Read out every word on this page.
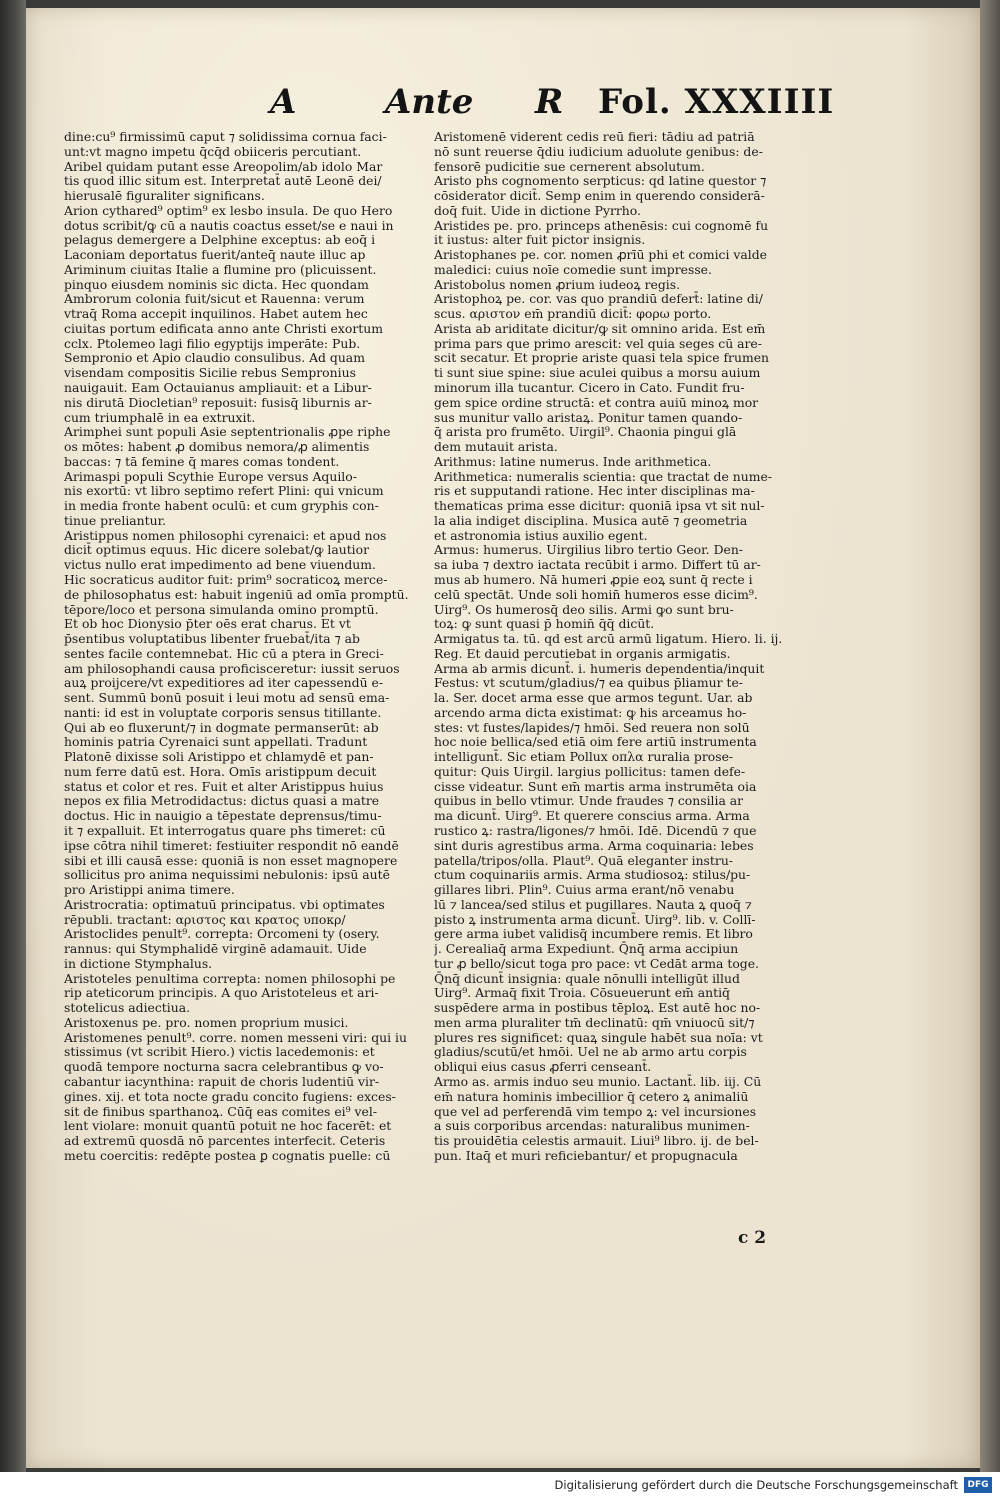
A	Ante R Fol. XXXIIII
dine:cu⁹ firmissimū caput ⁊ solidissima cornua faci-
unt:vt magno impetu q̄cq̄d obiiceris percutiant.
Aribel quidam putant esse Areopolim/ab idolo Mar
tis quod illic situm est. Interpretat̄ autē Leonē dei/
hierusalē figuraliter significans.
Arion cythared⁹ optim⁹ ex lesbo insula. De quo Hero
dotus scribit/ꝙ cū a nautis coactus esset/se e naui in
pelagus demergere a Delphine exceptus: ab eoq̄ i
Laconiam deportatus fuerit/anteq̄ naute illuc ap
Ariminum ciuitas Italie a flumine pro (plicuissent.
pinquo eiusdem nominis sic dicta. Hec quondam
Ambrorum colonia fuit/sicut et Rauenna: verum
vtraq̄ Roma accepit inquilinos. Habet autem hec
ciuitas portum edificata anno ante Christi exortum
cclx. Ptolemeo lagi filio egyptijs imperāte: Pub.
Sempronio et Apio claudio consulibus. Ad quam
visendam compositis Sicilie rebus Sempronius
nauigauit. Eam Octauianus ampliauit: et a Libur-
nis dirutā Diocletian⁹ reposuit: fusisq̄ liburnis ar-
cum triumphalē in ea extruxit.
Arimphei sunt populi Asie septentrionalis ꝓpe riphe
os mōtes: habent ꝓ domibus nemora/ꝓ alimentis
baccas: ⁊ tā femine q̄ mares comas tondent.
Arimaspi populi Scythie Europe versus Aquilo-
nis exortū: vt libro septimo refert Plini: qui vnicum
in media fronte habent oculū: et cum gryphis con-
tinue preliantur.
Aristippus nomen philosophi cyrenaici: et apud nos
dicit̄ optimus equus. Hic dicere solebat/ꝙ lautior
victus nullo erat impedimento ad bene viuendum.
Hic socraticus auditor fuit: prim⁹ socraticoꝝ merce-
de philosophatus est: habuit ingeniū ad omīa promptū.
tēpore/loco et persona simulanda omino promptū.
Et ob hoc Dionysio p̄ter oēs erat charus. Et vt
p̄sentibus voluptatibus libenter fruebat̄/ita ⁊ ab
sentes facile contemnebat. Hic cū a ptera in Greci-
am philosophandi causa proficisceretur: iussit seruos
auꝝ proijcere/vt expeditiores ad iter capessendū e-
sent. Summū bonū posuit i leui motu ad sensū ema-
nanti: id est in voluptate corporis sensus titillante.
Qui ab eo fluxerunt/⁊ in dogmate permanserūt: ab
hominis patria Cyrenaici sunt appellati. Tradunt
Platonē dixisse soli Aristippo et chlamydē et pan-
num ferre datū est. Hora. Omīs aristippum decuit
status et color et res. Fuit et alter Aristippus huius
nepos ex filia Metrodidactus: dictus quasi a matre
doctus. Hic in nauigio a tēpestate deprensus/timu-
it ⁊ expalluit. Et interrogatus quare phs timeret: cū
ipse cōtra nihil timeret: festiuiter respondit nō eandē
sibi et illi causā esse: quoniā is non esset magnopere
sollicitus pro anima nequissimi nebulonis: ipsū autē
pro Aristippi anima timere.
Aristrocratia: optimatuū principatus. vbi optimates
rēpubli. tractant: αριστος και κρατος υποκρ/
Aristoclides penult⁹. correpta: Orcomeni ty (osery.
rannus: qui Stymphalidē virginē adamauit. Uide
in dictione Stymphalus.
Aristoteles penultima correpta: nomen philosophi pe
rip ateticorum principis. A quo Aristoteleus et ari-
stotelicus adiectiua.
Aristoxenus pe. pro. nomen proprium musici.
Aristomenes penult⁹. corre. nomen messeni viri: qui iu
stissimus (vt scribit Hiero.) victis lacedemonis: et
quodā tempore nocturna sacra celebrantibus ꝙ vo-
cabantur iacynthina: rapuit de choris ludentiū vir-
gines. xij. et tota nocte gradu concito fugiens: exces-
sit de finibus sparthanoꝝ. Cūq̄ eas comites ei⁹ vel-
lent violare: monuit quantū potuit ne hoc facerēt: et
ad extremū quosdā nō parcentes interfecit. Ceteris
metu coercitis: redēpte postea ꝑ cognatis puelle: cū
Aristomenē viderent cedis reū fieri: tādiu ad patriā
nō sunt reuerse q̄diu iudicium aduolute genibus: de-
fensorē pudicitie sue cernerent absolutum.
Aristo phs cognomento serpticus: qd latine questor ⁊
cōsiderator dicit̄. Semp enim in querendo considerā-
doq̄ fuit. Uide in dictione Pyrrho.
Aristides pe. pro. princeps athenēsis: cui cognomē fu
it iustus: alter fuit pictor insignis.
Aristophanes pe. cor. nomen ꝓrīū phi et comici valde
maledici: cuius noīe comedie sunt impresse.
Aristobolus nomen ꝓrium iudeoꝝ regis.
Aristophoꝝ pe. cor. vas quo prandiū defert̄: latine di/
scus. αριστον em̄ prandiū dicit̄: φορω porto.
Arista ab ariditate dicitur/ꝙ sit omnino arida. Est em̄
prima pars que primo arescit: vel quia seges cū are-
scit secatur. Et proprie ariste quasi tela spice frumen
ti sunt siue spine: siue aculei quibus a morsu auium
minorum illa tucantur. Cicero in Cato. Fundit fru-
gem spice ordine structā: et contra auiū minoꝝ mor
sus munitur vallo aristaꝝ. Ponitur tamen quando-
q̄ arista pro frumēto. Uirgil⁹. Chaonia pingui glā
dem mutauit arista.
Arithmus: latine numerus. Inde arithmetica.
Arithmetica: numeralis scientia: que tractat de nume-
ris et supputandi ratione. Hec inter disciplinas ma-
thematicas prima esse dicitur: quoniā ipsa vt sit nul-
la alia indiget disciplina. Musica autē ⁊ geometria
et astronomia istius auxilio egent.
Armus: humerus. Uirgilius libro tertio Geor. Den-
sa iuba ⁊ dextro iactata recūbit i armo. Differt tū ar-
mus ab humero. Nā humeri ꝓpie eoꝝ sunt q̄ recte i
celū spectāt. Unde soli homin̄ humeros esse dicim⁹.
Uirg⁹. Os humerosq̄ deo silis. Armi ꝙo sunt bru-
toꝝ: ꝙ sunt quasi p̄ homin̄ q̄q̄ dicūt.
Armigatus ta. tū. qd est arcū armū ligatum. Hiero. li. ij.
Reg. Et dauid percutiebat in organis armigatis.
Arma ab armis dicunt̄. i. humeris dependentia/inquit
Festus: vt scutum/gladius/⁊ ea quibus p̄liamur te-
la. Ser. docet arma esse que armos tegunt. Uar. ab
arcendo arma dicta existimat: ꝙ his arceamus ho-
stes: vt fustes/lapides/⁊ hmōi. Sed reuera non solū
hoc noie bellica/sed etiā oim fere artiū instrumenta
intelligunt̄. Sic etiam Pollux οπλα ruralia prose-
quitur: Quis Uirgil. largius pollicitus: tamen defe-
cisse videatur. Sunt em̄ martis arma instrumēta oia
quibus in bello vtimur. Unde fraudes ⁊ consilia ar
ma dicunt̄. Uirg⁹. Et querere conscius arma. Arma
rustico ꝝ: rastra/ligones/⁊ hmōi. Idē. Dicendū ⁊ que
sint duris agrestibus arma. Arma coquinaria: lebes
patella/tripos/olla. Plaut⁹. Quā eleganter instru-
ctum coquinariis armis. Arma studiosoꝝ: stilus/pu-
gillares libri. Plin⁹. Cuius arma erant/nō venabu
lū ⁊ lancea/sed stilus et pugillares. Nauta ꝝ quoq̄ ⁊
pisto ꝝ instrumenta arma dicunt̄. Uirg⁹. lib. v. Collī-
gere arma iubet validisq̄ incumbere remis. Et libro
j. Cerealiaq̄ arma Expediunt. Q̄nq̄ arma accipiun
tur ꝓ bello/sicut toga pro pace: vt Cedāt arma toge.
Q̄nq̄ dicunt̄ insignia: quale nōnulli intelligūt illud
Uirg⁹. Armaq̄ fixit Troia. Cōsueuerunt em̄ antiq̄
suspēdere arma in postibus tēploꝝ. Est autē hoc no-
men arma pluraliter tm̄ declinatū: qm̄ vniuocū sit/⁊
plures res significet: quaꝝ singule habēt sua noīa: vt
gladius/scutū/et hmōi. Uel ne ab armo artu corpis
obliqui eius casus ꝓferri censeant̄.
Armo as. armis induo seu munio. Lactant̄. lib. iij. Cū
em̄ natura hominis imbecillior q̄ cetero ꝝ animaliū
que vel ad perferendā vim tempo ꝝ: vel incursiones
a suis corporibus arcendas: naturalibus munimen-
tis prouidētia celestis armauit. Liui⁹ libro. ij. de bel-
pun. Itaq̄ et muri reficiebantur/ et propugnacula
c 2
Digitalisierung gefördert durch die Deutsche Forschungsgemeinschaft	DFG
